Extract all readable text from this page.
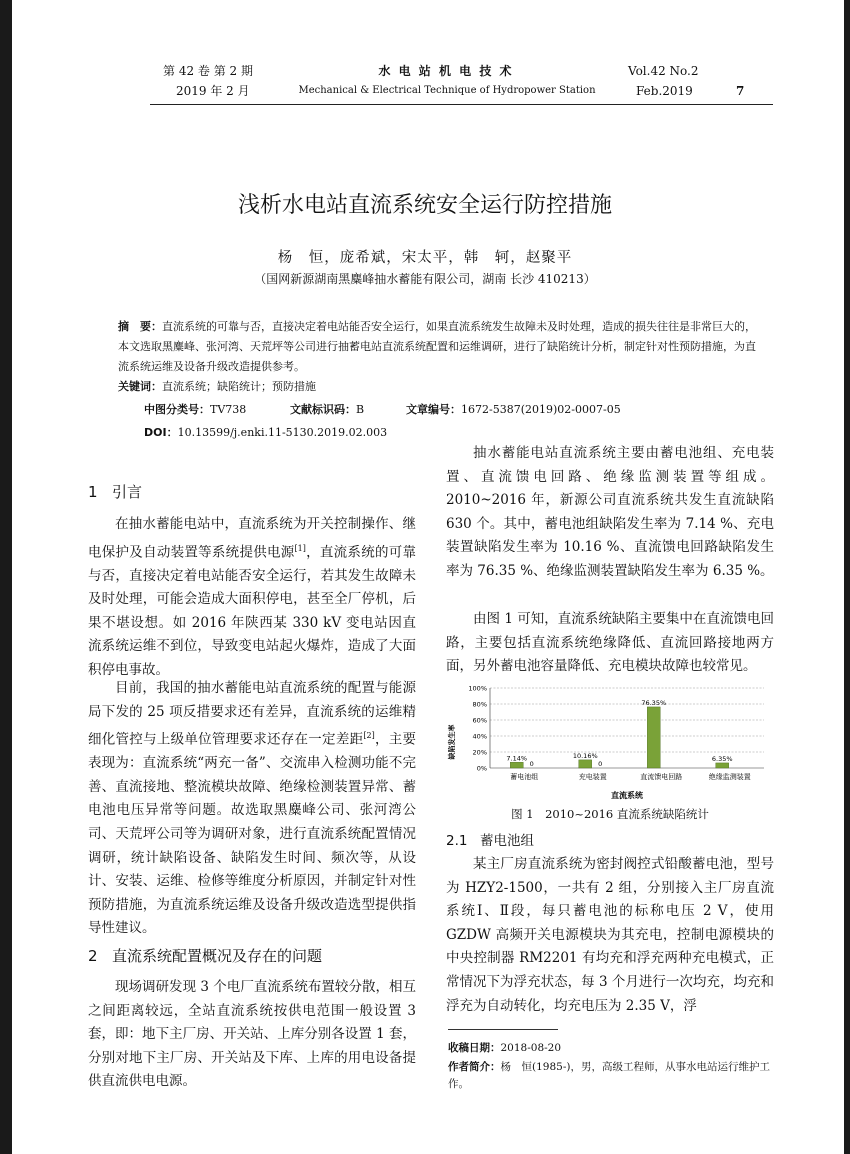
第 42 卷 第 2 期
2019 年 2 月
水 电 站 机 电 技 术
Mechanical & Electrical Technique of Hydropower Station
Vol.42 No.2
Feb.2019	7
浅析水电站直流系统安全运行防控措施
杨　恒，庞希斌，宋太平，韩　轲，赵聚平
（国网新源湖南黑麋峰抽水蓄能有限公司，湖南 长沙 410213）
摘　要：直流系统的可靠与否，直接决定着电站能否安全运行，如果直流系统发生故障未及时处理，造成的损失往往是非常巨大的，本文选取黑麋峰、张河湾、天荒坪等公司进行抽蓄电站直流系统配置和运维调研，进行了缺陷统计分析，制定针对性预防措施，为直流系统运维及设备升级改造提供参考。
关键词：直流系统；缺陷统计；预防措施
中图分类号：TV738	文献标识码：B	文章编号：1672-5387(2019)02-0007-05
DOI：10.13599/j.enki.11-5130.2019.02.003
1 引言

在抽水蓄能电站中，直流系统为开关控制操作、继电保护及自动装置等系统提供电源[1]，直流系统的可靠与否，直接决定着电站能否安全运行，若其发生故障未及时处理，可能会造成大面积停电，甚至全厂停机，后果不堪设想。如 2016 年陕西某 330 kV 变电站因直流系统运维不到位，导致变电站起火爆炸，造成了大面积停电事故。

目前，我国的抽水蓄能电站直流系统的配置与能源局下发的 25 项反措要求还有差异，直流系统的运维精细化管控与上级单位管理要求还存在一定差距[2]，主要表现为：直流系统“两充一备”、交流串入检测功能不完善、直流接地、整流模块故障、绝缘检测装置异常、蓄电池电压异常等问题。故选取黑麋峰公司、张河湾公司、天荒坪公司等为调研对象，进行直流系统配置情况调研，统计缺陷设备、缺陷发生时间、频次等，从设计、安装、运维、检修等维度分析原因，并制定针对性预防措施，为直流系统运维及设备升级改造选型提供指导性建议。

2 直流系统配置概况及存在的问题

现场调研发现 3 个电厂直流系统布置较分散，相互之间距离较远，全站直流系统按供电范围一般设置 3 套，即：地下主厂房、开关站、上库分别各设置 1 套，分别对地下主厂房、开关站及下库、上库的用电设备提供直流供电电源。

抽水蓄能电站直流系统主要由蓄电池组、充电装置、直流馈电回路、绝缘监测装置等组成。2010~2016 年，新源公司直流系统共发生直流缺陷 630 个。其中，蓄电池组缺陷发生率为 7.14 %、充电装置缺陷发生率为 10.16 %、直流馈电回路缺陷发生率为 76.35 %、绝缘监测装置缺陷发生率为 6.35 %。

由图 1 可知，直流系统缺陷主要集中在直流馈电回路，主要包括直流系统绝缘降低、直流回路接地两方面，另外蓄电池容量降低、充电模块故障也较常见。

缺陷发生率
直流系统
0%
20%
40%
60%
80%
100%
7.14%
0
10.16%
0
76.35%
6.35%
蓄电池组	充电装置	直流馈电回路	绝缘监测装置
图 1　2010~2016 直流系统缺陷统计
2.1 蓄电池组

某主厂房直流系统为密封阀控式铅酸蓄电池，型号为 HZY2-1500，一共有 2 组，分别接入主厂房直流系统Ⅰ、Ⅱ段，每只蓄电池的标称电压 2 V，使用 GZDW 高频开关电源模块为其充电，控制电源模块的中央控制器 RM2201 有均充和浮充两种充电模式，正常情况下为浮充状态，每 3 个月进行一次均充，均充和浮充为自动转化，均充电压为 2.35 V，浮

收稿日期：2018-08-20
作者简介：杨　恒(1985-)，男，高级工程师，从事水电站运行维护工作。
